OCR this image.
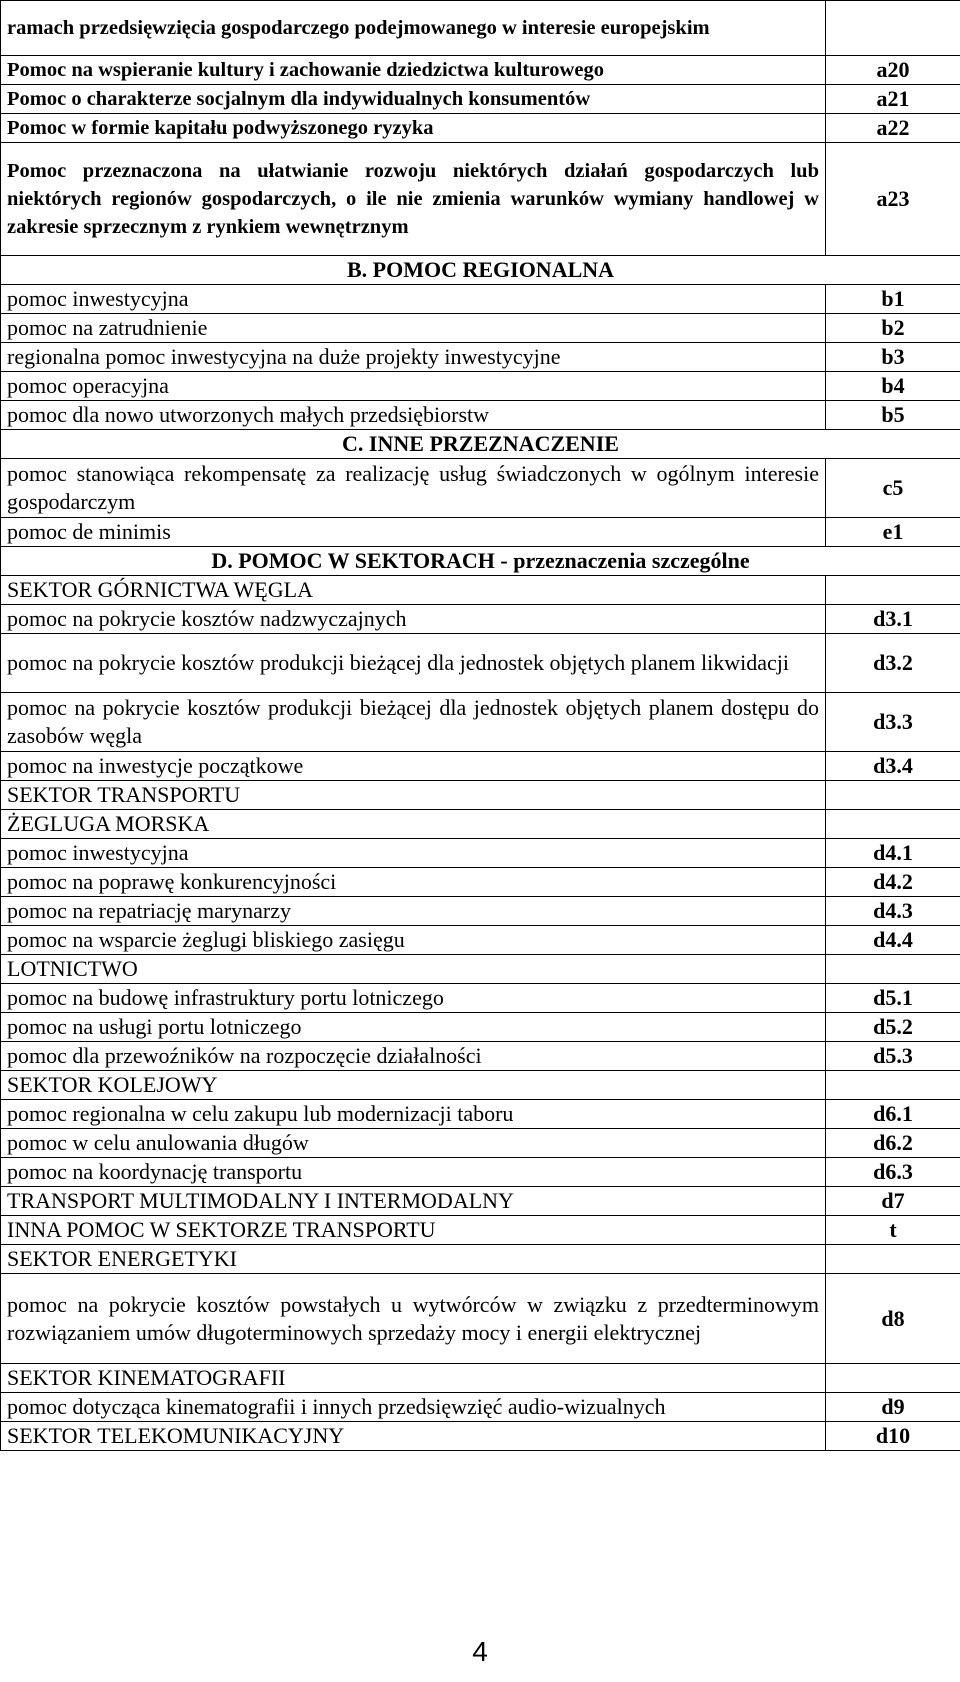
ramach przedsięwzięcia gospodarczego podejmowanego w interesie europejskim	
Pomoc na wspieranie kultury i zachowanie dziedzictwa kulturowego	a20
Pomoc o charakterze socjalnym dla indywidualnych konsumentów	a21
Pomoc w formie kapitału podwyższonego ryzyka	a22
Pomoc przeznaczona na ułatwianie rozwoju niektórych działań gospodarczych lub niektórych regionów gospodarczych, o ile nie zmienia warunków wymiany handlowej w zakresie sprzecznym z rynkiem wewnętrznym	a23
B. POMOC REGIONALNA	
pomoc inwestycyjna	b1
pomoc na zatrudnienie	b2
regionalna pomoc inwestycyjna na duże projekty inwestycyjne	b3
pomoc operacyjna	b4
pomoc dla nowo utworzonych małych przedsiębiorstw	b5
C. INNE PRZEZNACZENIE	
pomoc stanowiąca rekompensatę za realizację usług świadczonych w ogólnym interesie gospodarczym	c5
pomoc de minimis	e1
D. POMOC W SEKTORACH - przeznaczenia szczególne	
SEKTOR GÓRNICTWA WĘGLA	
pomoc na pokrycie kosztów nadzwyczajnych	d3.1
pomoc na pokrycie kosztów produkcji bieżącej dla jednostek objętych planem likwidacji	d3.2
pomoc na pokrycie kosztów produkcji bieżącej dla jednostek objętych planem dostępu do zasobów węgla	d3.3
pomoc na inwestycje początkowe	d3.4
SEKTOR TRANSPORTU	
ŻEGLUGA MORSKA	
pomoc inwestycyjna	d4.1
pomoc na poprawę konkurencyjności	d4.2
pomoc na repatriację marynarzy	d4.3
pomoc na wsparcie żeglugi bliskiego zasięgu	d4.4
LOTNICTWO	
pomoc na budowę infrastruktury portu lotniczego	d5.1
pomoc na usługi portu lotniczego	d5.2
pomoc dla przewoźników na rozpoczęcie działalności	d5.3
SEKTOR KOLEJOWY	
pomoc regionalna w celu zakupu lub modernizacji taboru	d6.1
pomoc w celu anulowania długów	d6.2
pomoc na koordynację transportu	d6.3
TRANSPORT MULTIMODALNY I INTERMODALNY	d7
INNA POMOC W SEKTORZE TRANSPORTU	t
SEKTOR ENERGETYKI	
pomoc na pokrycie kosztów powstałych u wytwórców w związku z przedterminowym rozwiązaniem umów długoterminowych sprzedaży mocy i energii elektrycznej	d8
SEKTOR KINEMATOGRAFII	
pomoc dotycząca kinematografii i innych przedsięwzięć audio-wizualnych	d9
SEKTOR TELEKOMUNIKACYJNY	d10
4
